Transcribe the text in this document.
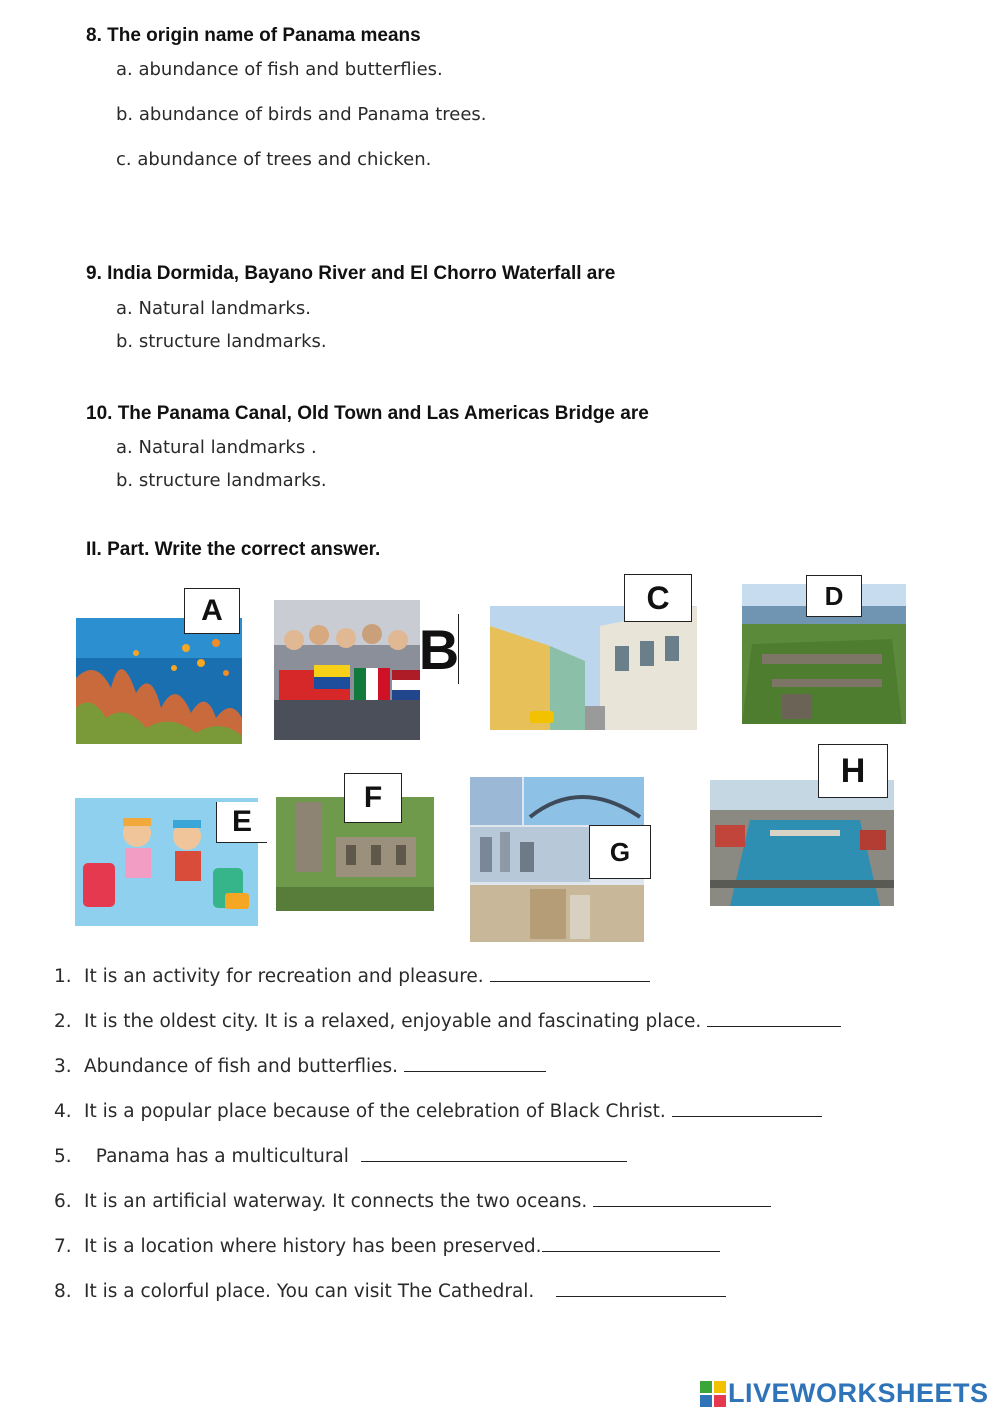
8. The origin name of Panama means
a. abundance of fish and butterflies.
b. abundance of birds and Panama trees.
c. abundance of trees and chicken.
9. India Dormida, Bayano River and El Chorro Waterfall are
a. Natural landmarks.
b. structure landmarks.
10. The Panama Canal, Old Town and Las Americas Bridge are
a. Natural landmarks .
b. structure landmarks.
II. Part. Write the correct answer.
A
B
C	D
E
F
G
H
1. It is an activity for recreation and pleasure.
2. It is the oldest city. It is a relaxed, enjoyable and fascinating place.
3. Abundance of fish and butterflies.
4. It is a popular place because of the celebration of Black Christ.
5.  Panama has a multicultural
6. It is an artificial waterway. It connects the two oceans.
7. It is a location where history has been preserved.
8. It is a colorful place. You can visit The Cathedral.
LIVEWORKSHEETS
